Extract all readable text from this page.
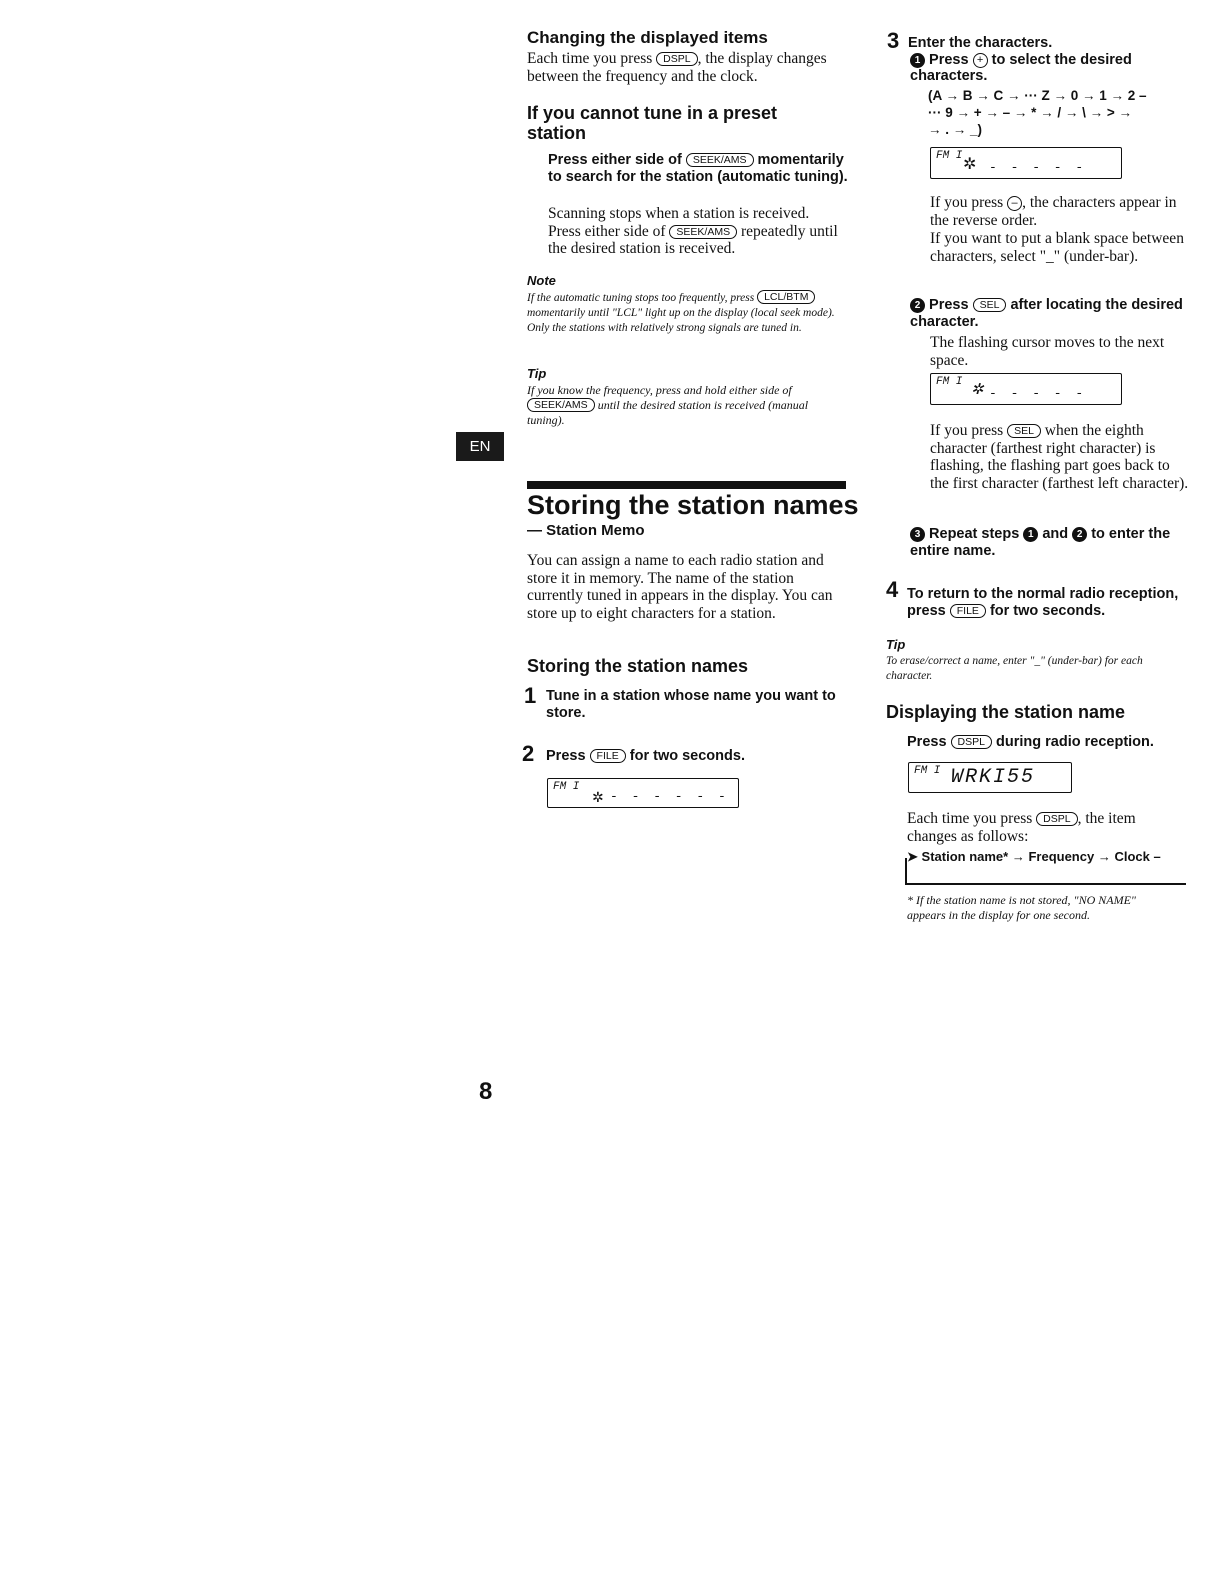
EN
Changing the displayed items
Each time you press DSPL , the display changes between the frequency and the clock.
If you cannot tune in a preset station
Press either side of SEEK/AMS momentarily to search for the station (automatic tuning).
Scanning stops when a station is received.
Press either side of SEEK/AMS repeatedly until the desired station is received.
Note
If the automatic tuning stops too frequently, press LCL/BTM momentarily until "LCL" light up on the display (local seek mode). Only the stations with relatively strong signals are tuned in.
Tip
If you know the frequency, press and hold either side of SEEK/AMS until the desired station is received (manual tuning).
Storing the station names
— Station Memo
You can assign a name to each radio station and store it in memory. The name of the station currently tuned in appears in the display. You can store up to eight characters for a station.
Storing the station names
1 Tune in a station whose name you want to store.
2 Press FILE for two seconds.
FM I
✲ - - - - - -
3 Enter the characters.
1 Press + to select the desired characters.
(A → B → C → ··· Z → 0 → 1 → 2 –
··· 9 → + → – → * → / → \ → > →
→ . → _)
FM I ✲ - - - - -
If you press – , the characters appear in the reverse order.
If you want to put a blank space between characters, select "_" (under-bar).
2 Press SEL after locating the desired character.
The flashing cursor moves to the next space.
FM I ✲ - - - - -
If you press SEL when the eighth character (farthest right character) is flashing, the flashing part goes back to the first character (farthest left character).
3 Repeat steps 1 and 2 to enter the entire name.
4 To return to the normal radio reception, press FILE for two seconds.
Tip
To erase/correct a name, enter "_" (under-bar) for each character.
Displaying the station name
Press DSPL during radio reception.
FM I WRKI55
Each time you press DSPL , the item changes as follows:
➤ Station name* → Frequency → Clock –
* If the station name is not stored, "NO NAME" appears in the display for one second.
8
